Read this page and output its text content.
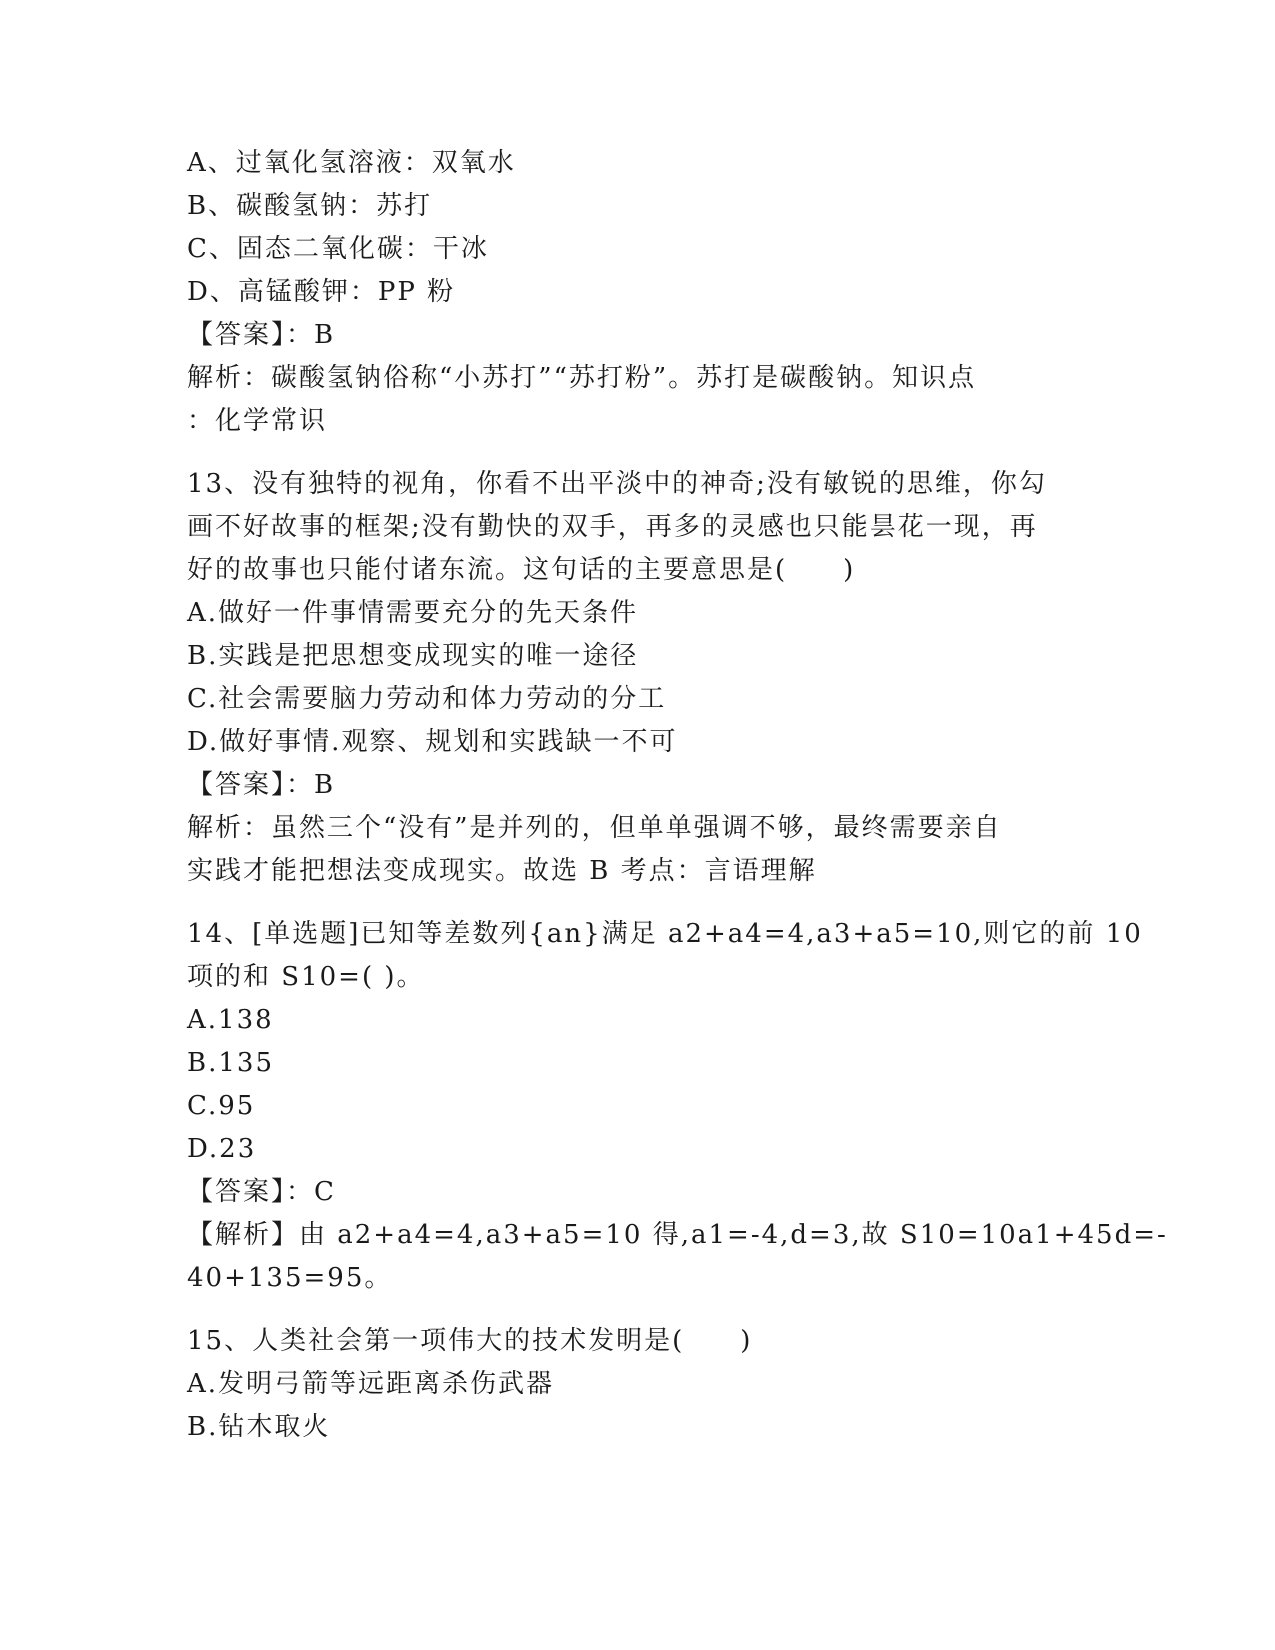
A、过氧化氢溶液：双氧水
B、碳酸氢钠：苏打
C、固态二氧化碳：干冰
D、高锰酸钾：PP 粉
【答案】：B
解析：碳酸氢钠俗称“小苏打”“苏打粉”。苏打是碳酸钠。知识点
：化学常识
13、没有独特的视角，你看不出平淡中的神奇;没有敏锐的思维，你勾
画不好故事的框架;没有勤快的双手，再多的灵感也只能昙花一现，再
好的故事也只能付诸东流。这句话的主要意思是(　　)
A.做好一件事情需要充分的先天条件
B.实践是把思想变成现实的唯一途径
C.社会需要脑力劳动和体力劳动的分工
D.做好事情.观察、规划和实践缺一不可
【答案】：B
解析：虽然三个“没有”是并列的，但单单强调不够，最终需要亲自
实践才能把想法变成现实。故选 B 考点：言语理解
14、[单选题]已知等差数列{an}满足 a2+a4=4,a3+a5=10,则它的前 10
项的和 S10=( )。
A.138
B.135
C.95
D.23
【答案】：C
【解析】由 a2+a4=4,a3+a5=10 得,a1=-4,d=3,故 S10=10a1+45d=-
40+135=95。
15、人类社会第一项伟大的技术发明是(　　)
A.发明弓箭等远距离杀伤武器
B.钻木取火
